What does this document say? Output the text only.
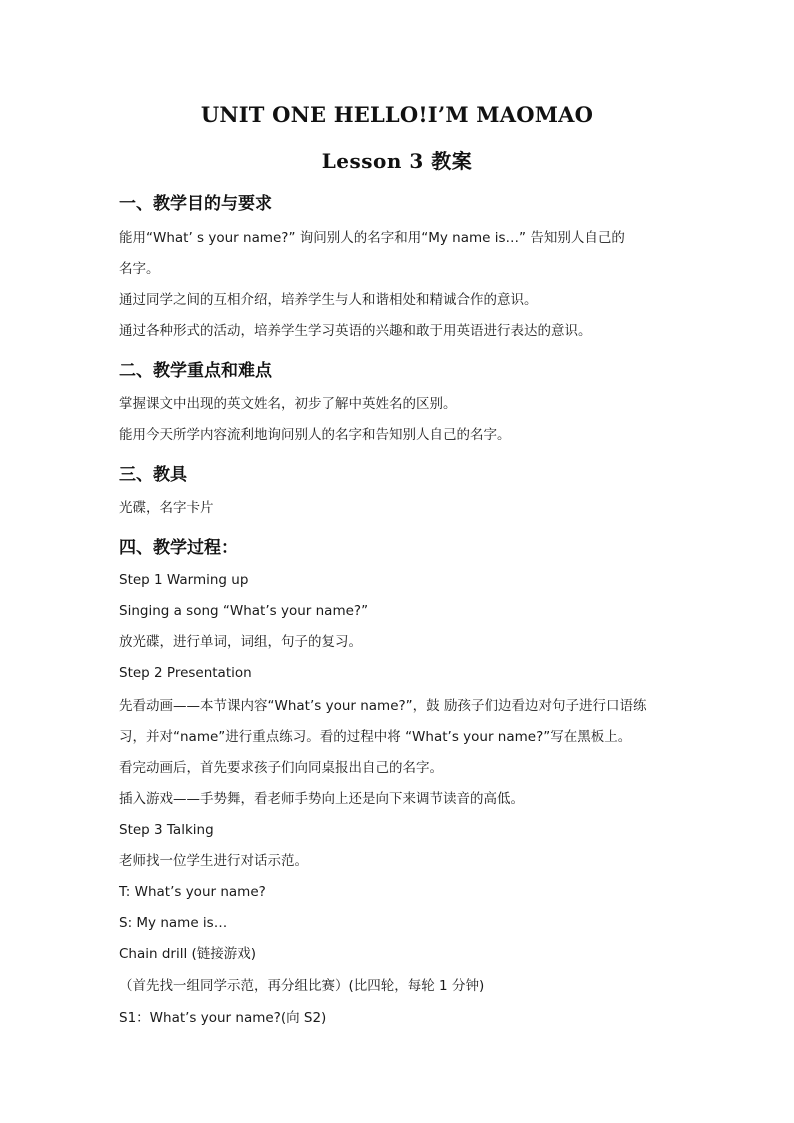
UNIT ONE HELLO!I’M MAOMAO
Lesson 3 教案
一、教学目的与要求
能用“What’ s your name?” 询问别人的名字和用“My name is…” 告知别人自己的
名字。
通过同学之间的互相介绍，培养学生与人和谐相处和精诚合作的意识。
通过各种形式的活动，培养学生学习英语的兴趣和敢于用英语进行表达的意识。
二、教学重点和难点
掌握课文中出现的英文姓名，初步了解中英姓名的区别。
能用今天所学内容流利地询问别人的名字和告知别人自己的名字。
三、教具
光碟，名字卡片
四、教学过程：
Step 1 Warming up
Singing a song “What’s your name?”
放光碟，进行单词，词组，句子的复习。
Step 2 Presentation
先看动画——本节课内容“What’s your name?”，鼓 励孩子们边看边对句子进行口语练
习，并对“name”进行重点练习。看的过程中将 “What’s your name?”写在黑板上。
看完动画后，首先要求孩子们向同桌报出自己的名字。
插入游戏——手势舞，看老师手势向上还是向下来调节读音的高低。
Step 3 Talking
老师找一位学生进行对话示范。
T: What’s your name?
S: My name is…
Chain drill (链接游戏)
（首先找一组同学示范，再分组比赛）(比四轮，每轮 1 分钟)
S1：What’s your name?(向 S2)
